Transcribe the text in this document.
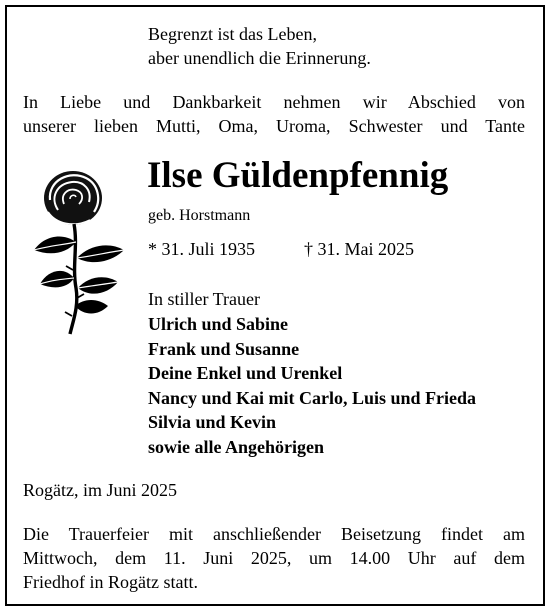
Begrenzt ist das Leben,
aber unendlich die Erinnerung.

In Liebe und Dankbarkeit nehmen wir Abschied von

unserer lieben Mutti, Oma, Uroma, Schwester und Tante

Ilse Güldenpfennig
geb. Horstmann
* 31. Juli 1935	† 31. Mai 2025
In stiller Trauer
Ulrich und Sabine
Frank und Susanne
Deine Enkel und Urenkel
Nancy und Kai mit Carlo, Luis und Frieda
Silvia und Kevin
sowie alle Angehörigen
Rogätz, im Juni 2025

Die Trauerfeier mit anschließender Beisetzung findet am

Mittwoch, dem 11. Juni 2025, um 14.00 Uhr auf dem

Friedhof in Rogätz statt.
